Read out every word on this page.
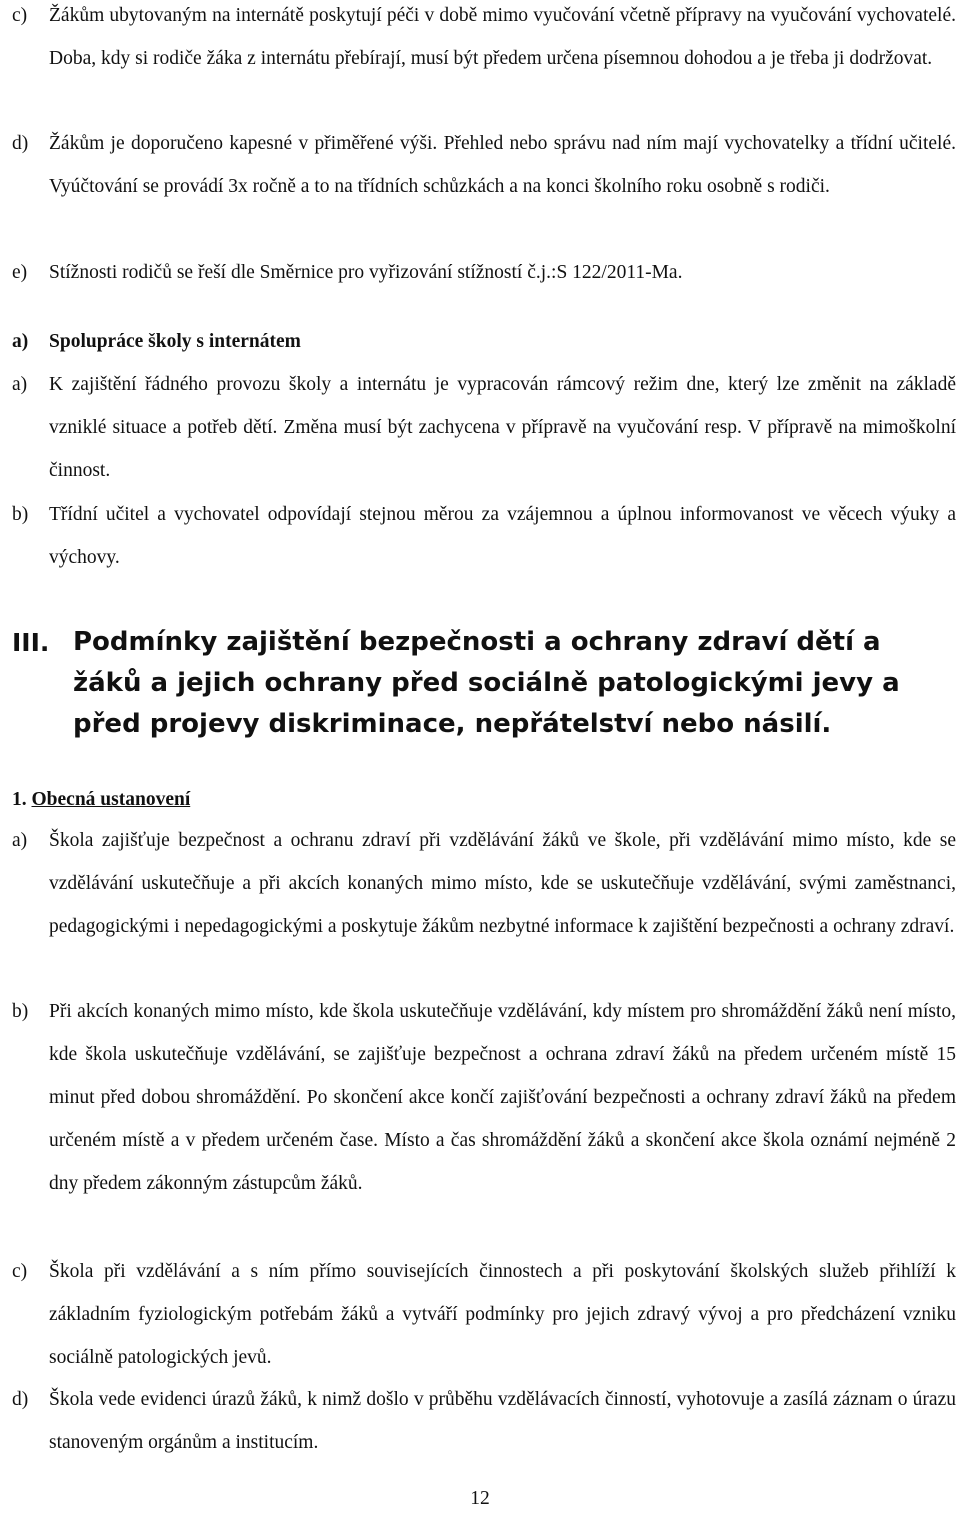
c) Žákům ubytovaným na internátě poskytují péči v době mimo vyučování včetně přípravy na vyučování vychovatelé. Doba, kdy si rodiče žáka z internátu přebírají, musí být předem určena písemnou dohodou a je třeba ji dodržovat.
d) Žákům je doporučeno kapesné v přiměřené výši. Přehled nebo správu nad ním mají vychovatelky a třídní učitelé. Vyúčtování se provádí 3x ročně a to na třídních schůzkách a na konci školního roku osobně s rodiči.
e) Stížnosti rodičů se řeší dle Směrnice pro vyřizování stížností č.j.:S 122/2011-Ma.
a) Spolupráce školy s internátem
a) K zajištění řádného provozu školy a internátu je vypracován rámcový režim dne, který lze změnit na základě vzniklé situace a potřeb dětí. Změna musí být zachycena v přípravě na vyučování resp. V přípravě na mimoškolní činnost.
b) Třídní učitel a vychovatel odpovídají stejnou měrou za vzájemnou a úplnou informovanost ve věcech výuky a výchovy.
III. Podmínky zajištění bezpečnosti a ochrany zdraví dětí a žáků a jejich ochrany před sociálně patologickými jevy a před projevy diskriminace, nepřátelství nebo násilí.
1. Obecná ustanovení
a) Škola zajišťuje bezpečnost a ochranu zdraví při vzdělávání žáků ve škole, při vzdělávání mimo místo, kde se vzdělávání uskutečňuje a při akcích konaných mimo místo, kde se uskutečňuje vzdělávání, svými zaměstnanci, pedagogickými i nepedagogickými a poskytuje žákům nezbytné informace k zajištění bezpečnosti a ochrany zdraví.
b) Při akcích konaných mimo místo, kde škola uskutečňuje vzdělávání, kdy místem pro shromáždění žáků není místo, kde škola uskutečňuje vzdělávání, se zajišťuje bezpečnost a ochrana zdraví žáků na předem určeném místě 15 minut před dobou shromáždění. Po skončení akce končí zajišťování bezpečnosti a ochrany zdraví žáků na předem určeném místě a v předem určeném čase. Místo a čas shromáždění žáků a skončení akce škola oznámí nejméně 2 dny předem zákonným zástupcům žáků.
c) Škola při vzdělávání a s ním přímo souvisejících činnostech a při poskytování školských služeb přihlíží k základním fyziologickým potřebám žáků a vytváří podmínky pro jejich zdravý vývoj a pro předcházení vzniku sociálně patologických jevů.
d) Škola vede evidenci úrazů žáků, k nimž došlo v průběhu vzdělávacích činností, vyhotovuje a zasílá záznam o úrazu stanoveným orgánům a institucím.
12
